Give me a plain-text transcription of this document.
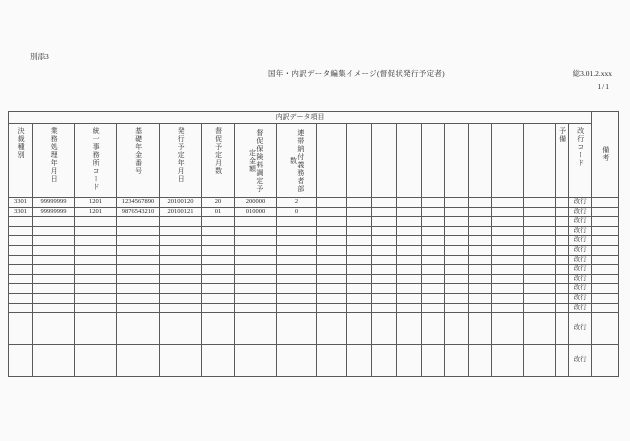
別添3
国年・内訳データ編集イメージ(督促状発行予定者)	総3.01.2.xxx
1/1
内訳データ項目																			備考
決裁種別	業務処理年月日	統一事務所コード	基礎年金番号	発行予定年月日	督促予定月数	督促保険料調定予定金額	連帯納付義務者部数										予備	改行コード	
3301	99999999	1201	1234567890	20100120	20	200000	2											改行	
3301	99999999	1201	9876543210	20100121	01	010000	0											改行	
																		改行	
																		改行	
																		改行	
																		改行	
																		改行	
																		改行	
																		改行	
																		改行	
																		改行	
																		改行	
																		改行	
																		改行	
